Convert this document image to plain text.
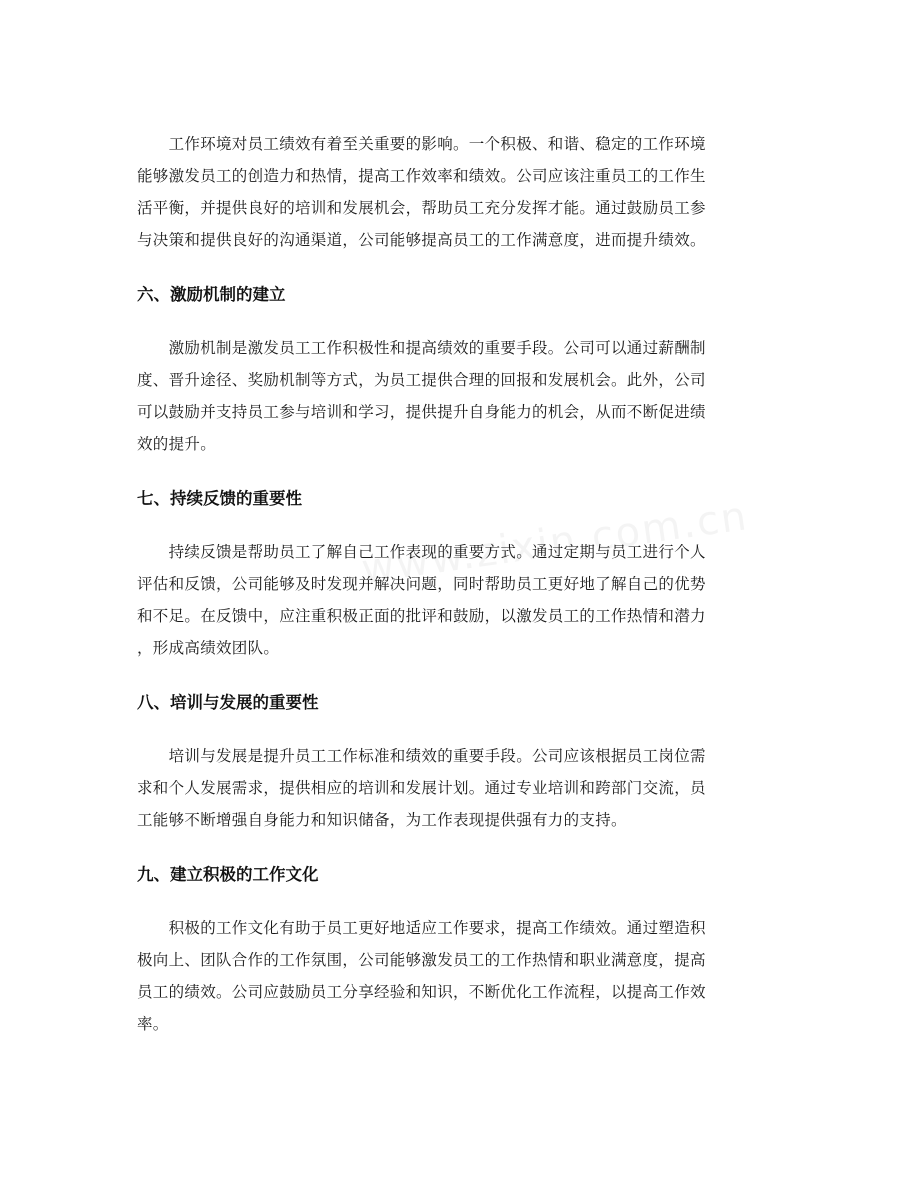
　　工作环境对员工绩效有着至关重要的影响。一个积极、和谐、稳定的工作环境
能够激发员工的创造力和热情，提高工作效率和绩效。公司应该注重员工的工作生
活平衡，并提供良好的培训和发展机会，帮助员工充分发挥才能。通过鼓励员工参
与决策和提供良好的沟通渠道，公司能够提高员工的工作满意度，进而提升绩效。

六、激励机制的建立

　　激励机制是激发员工工作积极性和提高绩效的重要手段。公司可以通过薪酬制
度、晋升途径、奖励机制等方式，为员工提供合理的回报和发展机会。此外，公司
可以鼓励并支持员工参与培训和学习，提供提升自身能力的机会，从而不断促进绩
效的提升。

七、持续反馈的重要性

　　持续反馈是帮助员工了解自己工作表现的重要方式。通过定期与员工进行个人
评估和反馈，公司能够及时发现并解决问题，同时帮助员工更好地了解自己的优势
和不足。在反馈中，应注重积极正面的批评和鼓励，以激发员工的工作热情和潜力
，形成高绩效团队。

八、培训与发展的重要性

　　培训与发展是提升员工工作标准和绩效的重要手段。公司应该根据员工岗位需
求和个人发展需求，提供相应的培训和发展计划。通过专业培训和跨部门交流，员
工能够不断增强自身能力和知识储备，为工作表现提供强有力的支持。

九、建立积极的工作文化

　　积极的工作文化有助于员工更好地适应工作要求，提高工作绩效。通过塑造积
极向上、团队合作的工作氛围，公司能够激发员工的工作热情和职业满意度，提高
员工的绩效。公司应鼓励员工分享经验和知识，不断优化工作流程，以提高工作效
率。
